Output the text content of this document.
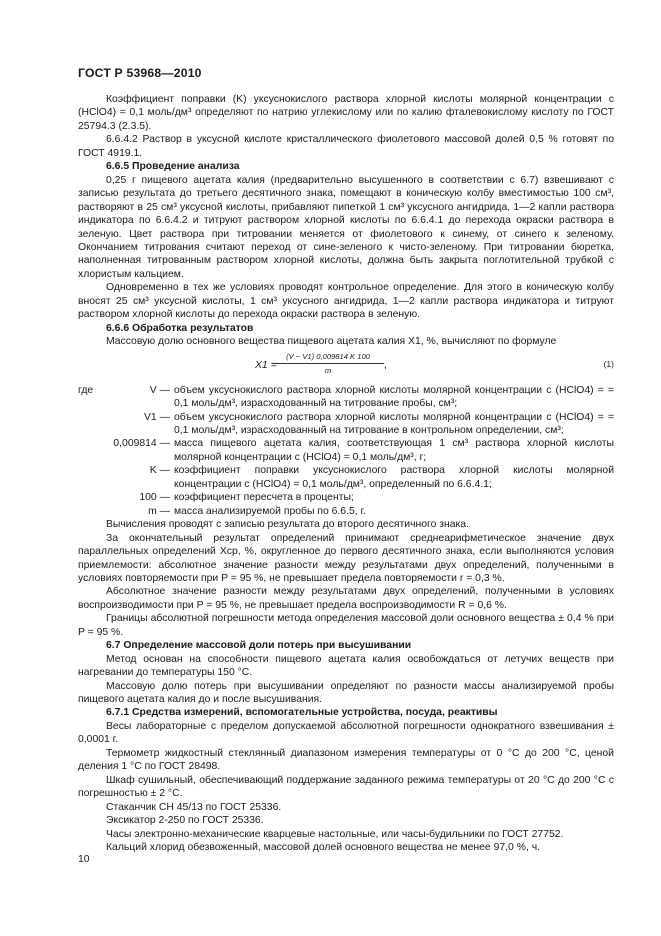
ГОСТ Р 53968—2010

Коэффициент поправки (K) уксуснокислого раствора хлорной кислоты молярной концентрации c (HClO4) = 0,1 моль/дм³ определяют по натрию углекислому или по калию фталевокислому кислоту по ГОСТ 25794.3 (2.3.5).

6.6.4.2 Раствор в уксусной кислоте кристаллического фиолетового массовой долей 0,5 % готовят по ГОСТ 4919.1.

6.6.5 Проведение анализа

0,25 г пищевого ацетата калия (предварительно высушенного в соответствии с 6.7) взвешивают с записью результата до третьего десятичного знака, помещают в коническую колбу вместимостью 100 см³, растворяют в 25 см³ уксусной кислоты, прибавляют пипеткой 1 см³ уксусного ангидрида, 1—2 капли раствора индикатора по 6.6.4.2 и титруют раствором хлорной кислоты по 6.6.4.1 до перехода окраски раствора в зеленую. Цвет раствора при титровании меняется от фиолетового к синему, от синего к зеленому. Окончанием титрования считают переход от сине-зеленого к чисто-зеленому. При титровании бюретка, наполненная титрованным раствором хлорной кислоты, должна быть закрыта поглотительной трубкой с хлористым кальцием.

Одновременно в тех же условиях проводят контрольное определение. Для этого в коническую колбу вносят 25 см³ уксусной кислоты, 1 см³ уксусного ангидрида, 1—2 капли раствора индикатора и титруют раствором хлорной кислоты до перехода окраски раствора в зеленую.

6.6.6 Обработка результатов

Массовую долю основного вещества пищевого ацетата калия X1, %, вычисляют по формуле

X1 =
$\frac{(V - V1) 0,009814 K 100}{m}$ ,	(1)
где	V — объем уксуснокислого раствора хлорной кислоты молярной концентрации c (HClO4) = = 0,1 моль/дм³, израсходованный на титрование пробы, см³;

V1 — объем уксуснокислого раствора хлорной кислоты молярной концентрации c (HClO4) = = 0,1 моль/дм³, израсходованный на титрование в контрольном определении, см³;

0,009814 — масса пищевого ацетата калия, соответствующая 1 см³ раствора хлорной кислоты молярной концентрации c (HClO4) = 0,1 моль/дм³, г;

K — коэффициент поправки уксуснокислого раствора хлорной кислоты молярной концентрации c (HClO4) = 0,1 моль/дм³, определенный по 6.6.4.1;

100 — коэффициент пересчета в проценты;

m — масса анализируемой пробы по 6.6.5, г.

Вычисления проводят с записью результата до второго десятичного знака.

За окончательный результат определений принимают среднеарифметическое значение двух параллельных определений Xср, %, округленное до первого десятичного знака, если выполняются условия приемлемости: абсолютное значение разности между результатами двух определений, полученными в условиях повторяемости при P = 95 %, не превышает предела повторяемости r = 0,3 %.

Абсолютное значение разности между результатами двух определений, полученными в условиях воспроизводимости при P = 95 %, не превышает предела воспроизводимости R = 0,6 %.

Границы абсолютной погрешности метода определения массовой доли основного вещества ± 0,4 % при P = 95 %.

6.7 Определение массовой доли потерь при высушивании

Метод основан на способности пищевого ацетата калия освобождаться от летучих веществ при нагревании до температуры 150 °С.

Массовую долю потерь при высушивании определяют по разности массы анализируемой пробы пищевого ацетата калия до и после высушивания.

6.7.1 Средства измерений, вспомогательные устройства, посуда, реактивы

Весы лабораторные с пределом допускаемой абсолютной погрешности однократного взвешивания ± 0,0001 г.

Термометр жидкостный стеклянный диапазоном измерения температуры от 0 °С до 200 °С, ценой деления 1 °С по ГОСТ 28498.

Шкаф сушильный, обеспечивающий поддержание заданного режима температуры от 20 °С до 200 °С с погрешностью ± 2 °С.

Стаканчик СН 45/13 по ГОСТ 25336.

Эксикатор 2-250 по ГОСТ 25336.

Часы электронно-механические кварцевые настольные, или часы-будильники по ГОСТ 27752.

Кальций хлорид обезвоженный, массовой долей основного вещества не менее 97,0 %, ч.

10
